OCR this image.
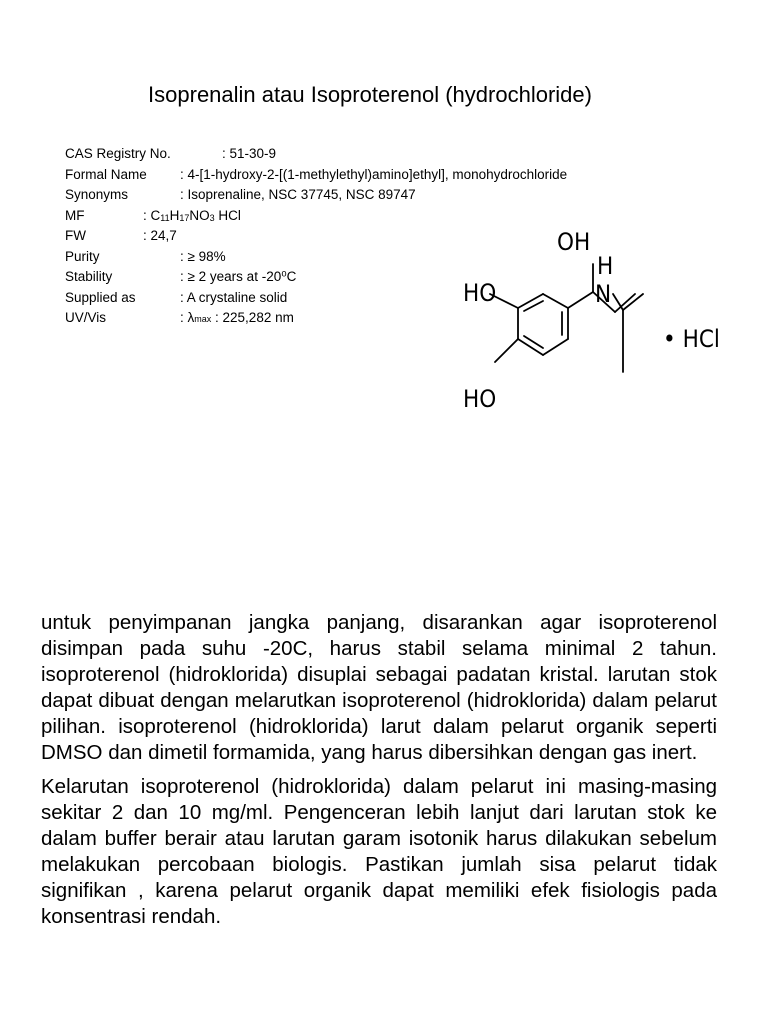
Isoprenalin atau Isoproterenol (hydrochloride)
CAS Registry No.	: 51-30-9
Formal Name : 4-[1-hydroxy-2-[(1-methylethyl)amino]ethyl], monohydrochloride
Synonyms	: Isoprenaline, NSC 37745, NSC 89747
MF	: $C_{11}H_{17}NO_3$ HCl
FW	: 24,7
Purity	: ≥ 98%
Stability	: ≥ 2 years at -20⁰C
Supplied as	: A crystaline solid
UV/Vis	: λmax : 225,282 nm
OH
H
N
HO
HO
• HCl

untuk penyimpanan jangka panjang, disarankan agar isoproterenol disimpan pada suhu -20C, harus stabil selama minimal 2 tahun. isoproterenol (hidroklorida) disuplai sebagai padatan kristal. larutan stok dapat dibuat dengan melarutkan isoproterenol (hidroklorida) dalam pelarut pilihan. isoproterenol (hidroklorida) larut dalam pelarut organik seperti DMSO dan dimetil formamida, yang harus dibersihkan dengan gas inert.

Kelarutan isoproterenol (hidroklorida) dalam pelarut ini masing-masing sekitar 2 dan 10 mg/ml. Pengenceran lebih lanjut dari larutan stok ke dalam buffer berair atau larutan garam isotonik harus dilakukan sebelum melakukan percobaan biologis. Pastikan jumlah sisa pelarut tidak signifikan , karena pelarut organik dapat memiliki efek fisiologis pada konsentrasi rendah.
